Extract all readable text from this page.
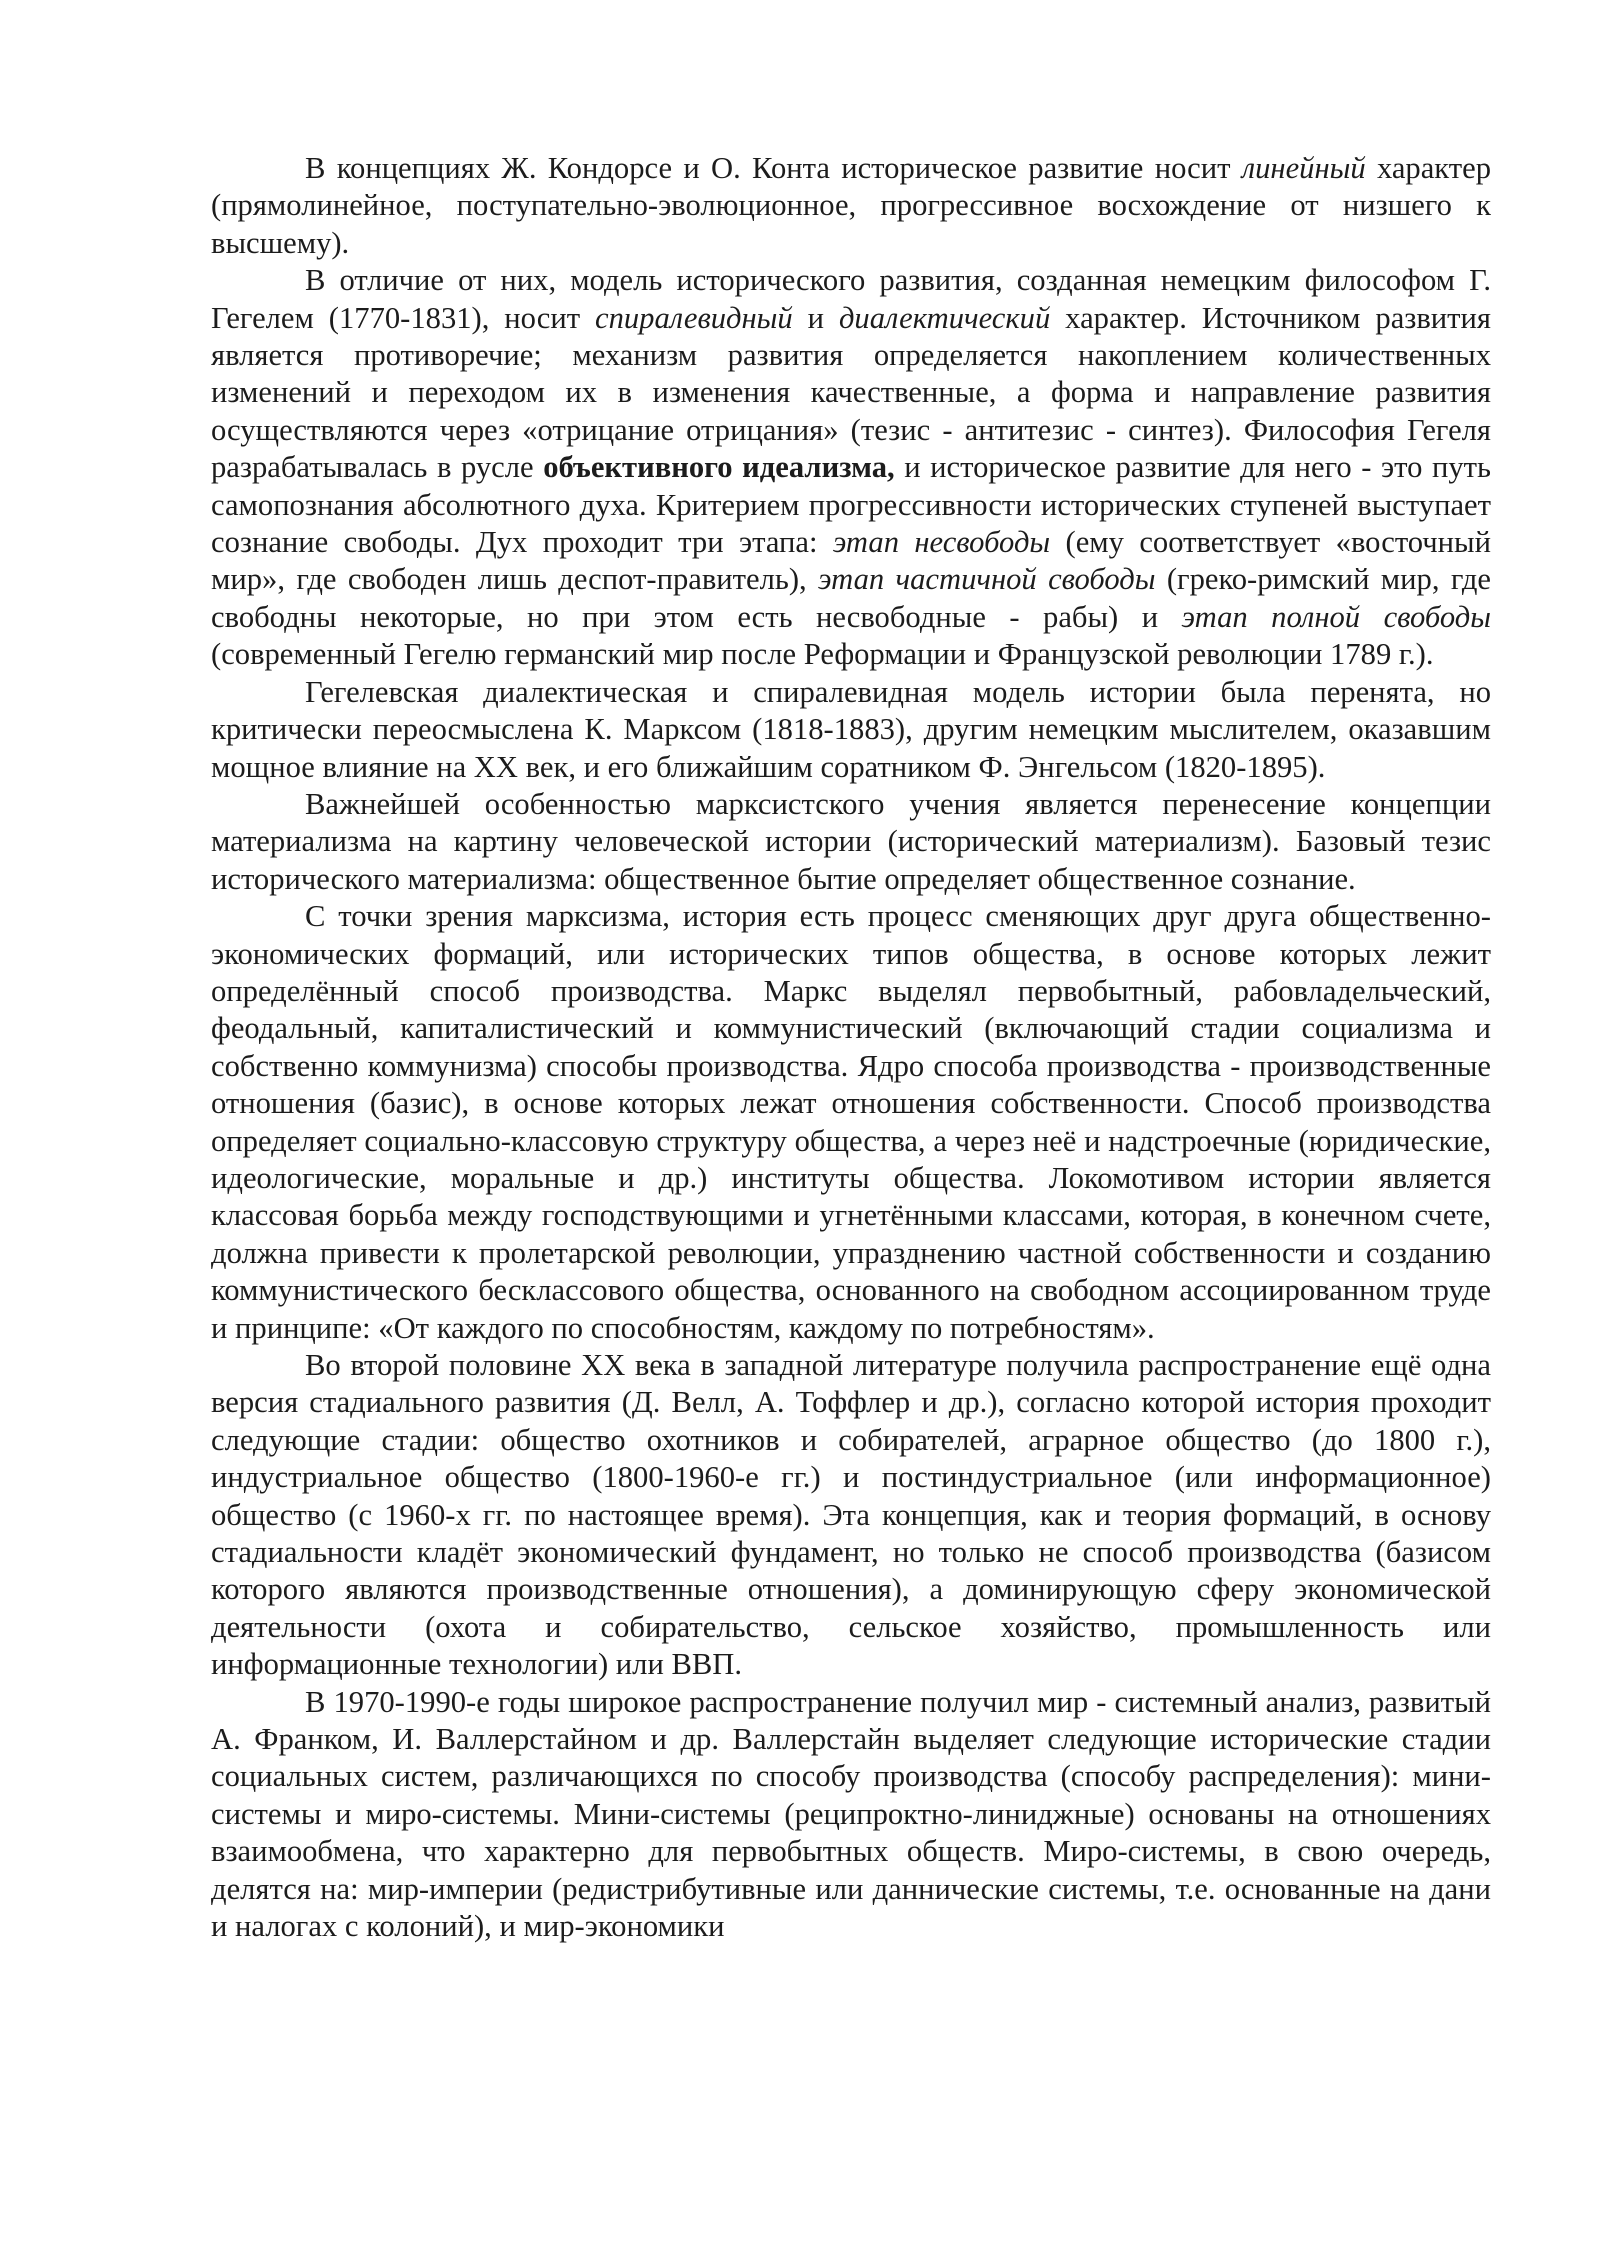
В концепциях Ж. Кондорсе и О. Конта историческое развитие носит линейный характер (прямолинейное, поступательно-эволюционное, прогрессивное восхождение от низшего к высшему).

В отличие от них, модель исторического развития, созданная немецким философом Г. Гегелем (1770-1831), носит спиралевидный и диалектический характер. Источником развития является противоречие; механизм развития определяется накоплением количественных изменений и переходом их в изменения качественные, а форма и направление развития осуществляются через «отрицание отрицания» (тезис - антитезис - синтез). Философия Гегеля разрабатывалась в русле объективного идеализма, и историческое развитие для него - это путь самопознания абсолютного духа. Критерием прогрессивности исторических ступеней выступает сознание свободы. Дух проходит три этапа: этап несвободы (ему соответствует «восточный мир», где свободен лишь деспот-правитель), этап частичной свободы (греко-римский мир, где свободны некоторые, но при этом есть несвободные - рабы) и этап полной свободы (современный Гегелю германский мир после Реформации и Французской революции 1789 г.).

Гегелевская диалектическая и спиралевидная модель истории была перенята, но критически переосмыслена К. Марксом (1818-1883), другим немецким мыслителем, оказавшим мощное влияние на XX век, и его ближайшим соратником Ф. Энгельсом (1820-1895).

Важнейшей особенностью марксистского учения является перенесение концепции материализма на картину человеческой истории (исторический материализм). Базовый тезис исторического материализма: общественное бытие определяет общественное сознание.

С точки зрения марксизма, история есть процесс сменяющих друг друга общественно-экономических формаций, или исторических типов общества, в основе которых лежит определённый способ производства. Маркс выделял первобытный, рабовладельческий, феодальный, капиталистический и коммунистический (включающий стадии социализма и собственно коммунизма) способы производства. Ядро способа производства - производственные отношения (базис), в основе которых лежат отношения собственности. Способ производства определяет социально-классовую структуру общества, а через неё и надстроечные (юридические, идеологические, моральные и др.) институты общества. Локомотивом истории является классовая борьба между господствующими и угнетёнными классами, которая, в конечном счете, должна привести к пролетарской революции, упразднению частной собственности и созданию коммунистического бесклассового общества, основанного на свободном ассоциированном труде и принципе: «От каждого по способностям, каждому по потребностям».

Во второй половине XX века в западной литературе получила распространение ещё одна версия стадиального развития (Д. Велл, А. Тоффлер и др.), согласно которой история проходит следующие стадии: общество охотников и собирателей, аграрное общество (до 1800 г.), индустриальное общество (1800-1960-е гг.) и постиндустриальное (или информационное) общество (с 1960-х гг. по настоящее время). Эта концепция, как и теория формаций, в основу стадиальности кладёт экономический фундамент, но только не способ производства (базисом которого являются производственные отношения), а доминирующую сферу экономической деятельности (охота и собирательство, сельское хозяйство, промышленность или информационные технологии) или ВВП.

В 1970-1990-е годы широкое распространение получил мир - системный анализ, развитый А. Франком, И. Валлерстайном и др. Валлерстайн выделяет следующие исторические стадии социальных систем, различающихся по способу производства (способу распределения): мини-системы и миро-системы. Мини-системы (реципроктно-линиджные) основаны на отношениях взаимообмена, что характерно для первобытных обществ. Миро-системы, в свою очередь, делятся на: мир-империи (редистрибутивные или даннические системы, т.е. основанные на дани и налогах с колоний), и мир-экономики
